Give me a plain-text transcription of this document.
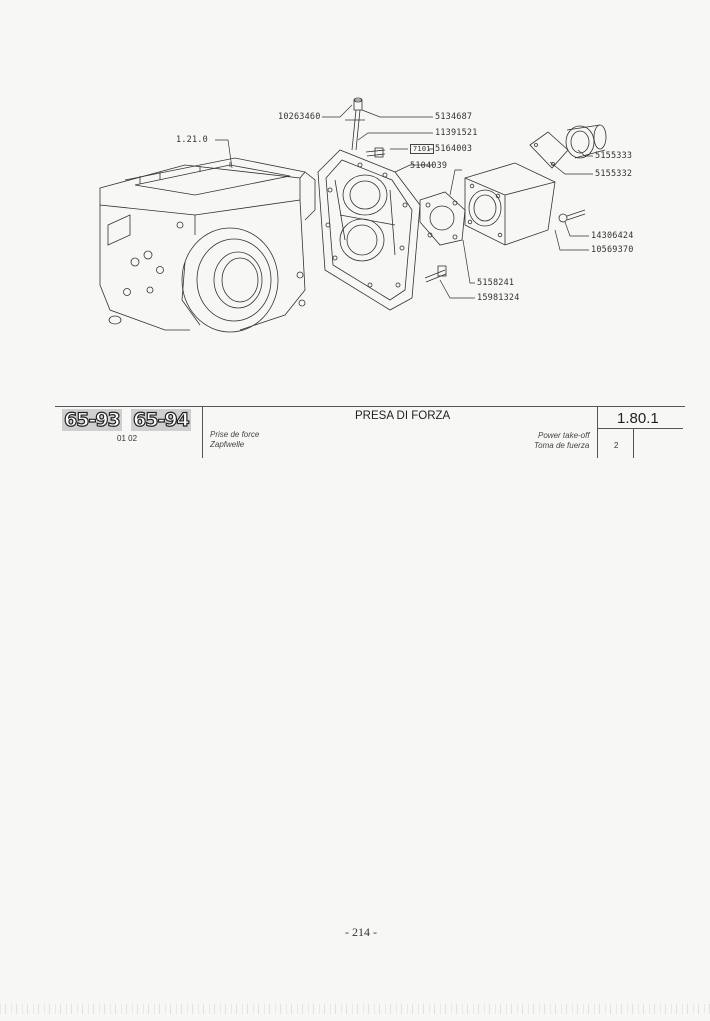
10263460	5134687
11391521
7101 5164003
5104039
1.21.0
5155333
5155332
14306424
10569370
5158241
15981324
65-93 65-94
01 02
PRESA DI FORZA
Prise de force
Zapfwelle
Power take-off
Toma de fuerza
1.80.1
2
- 214 -
